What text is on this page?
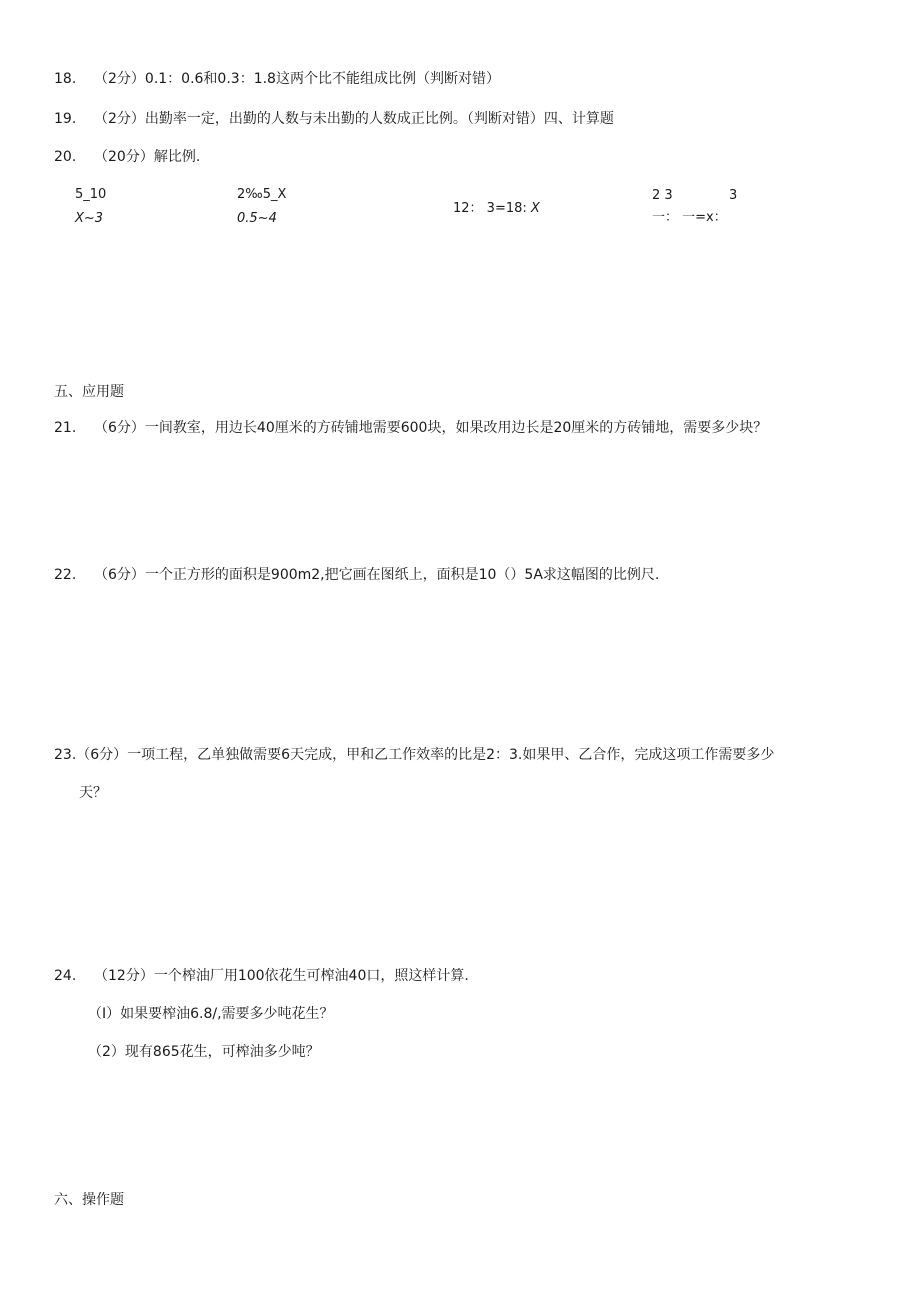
18. （2分）0.1：0.6和0.3：1.8这两个比不能组成比例（判断对错）
19. （2分）出勤率一定，出勤的人数与未出勤的人数成正比例。（判断对错）四、计算题
20. （20分）解比例.
5_10
X~3
2‰5_X
0.5~4
12： 3=18: X
2 3	3
一： 一=x：
五、应用题
21. （6分）一间教室，用边长40厘米的方砖铺地需要600块，如果改用边长是20厘米的方砖铺地，需要多少块？
22. （6分）一个正方形的面积是900m2,把它画在图纸上，面积是10（）5A求这幅图的比例尺.
23.（6分）一项工程，乙单独做需要6天完成，甲和乙工作效率的比是2：3.如果甲、乙合作，完成这项工作需要多少
天？
24. （12分）一个榨油厂用100依花生可榨油40口，照这样计算.
（I）如果要榨油6.8/,需要多少吨花生？
（2）现有865花生，可榨油多少吨？
六、操作题
